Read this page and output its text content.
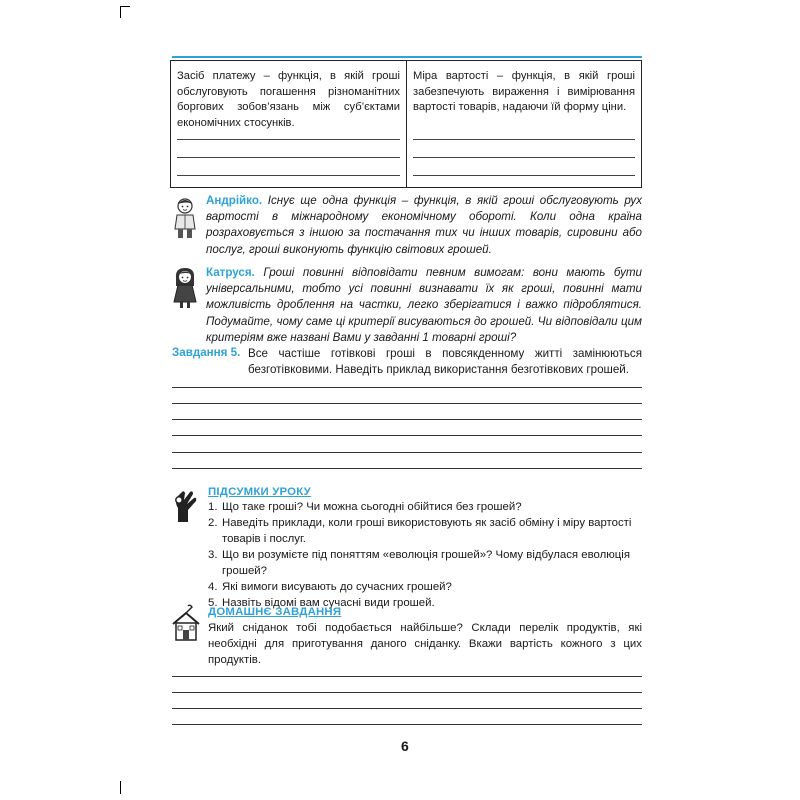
Засіб платежу – функція, в якій гроші обслуговують погашення різноманітних боргових зобов’язань між суб’єктами економічних стосунків.
Міра вартості – функція, в якій гроші забезпечують вираження і вимірювання вартості товарів, надаючи їй форму ціни.
Андрійко. Існує ще одна функція – функція, в якій гроші обслуговують рух вартості в міжнародному економічному обороті. Коли одна країна розраховується з іншою за постачання тих чи інших товарів, сировини або послуг, гроші виконують функцію світових грошей.
Катруся. Гроші повинні відповідати певним вимогам: вони мають бути універсальними, тобто усі повинні визнавати їх як гроші, повинні мати можливість дроблення на частки, легко зберігатися і важко підроблятися. Подумайте, чому саме ці критерії висуваються до грошей. Чи відповідали цим критеріям вже названі Вами у завданні 1 товарні гроші?
Завдання 5. Все частіше готівкові гроші в повсякденному житті замінюються безготівковими. Наведіть приклад використання безготівкових грошей.
ПІДСУМКИ УРОКУ
1. Що таке гроші? Чи можна сьогодні обійтися без грошей?
2. Наведіть приклади, коли гроші використовують як засіб обміну і міру вартості товарів і послуг.
3. Що ви розумієте під поняттям «еволюція грошей»? Чому відбулася еволюція грошей?
4. Які вимоги висувають до сучасних грошей?
5. Назвіть відомі вам сучасні види грошей.
ДОМАШНЄ ЗАВДАННЯ
Який сніданок тобі подобається найбільше? Склади перелік продуктів, які необхідні для приготування даного сніданку. Вкажи вартість кожного з цих продуктів.
6
